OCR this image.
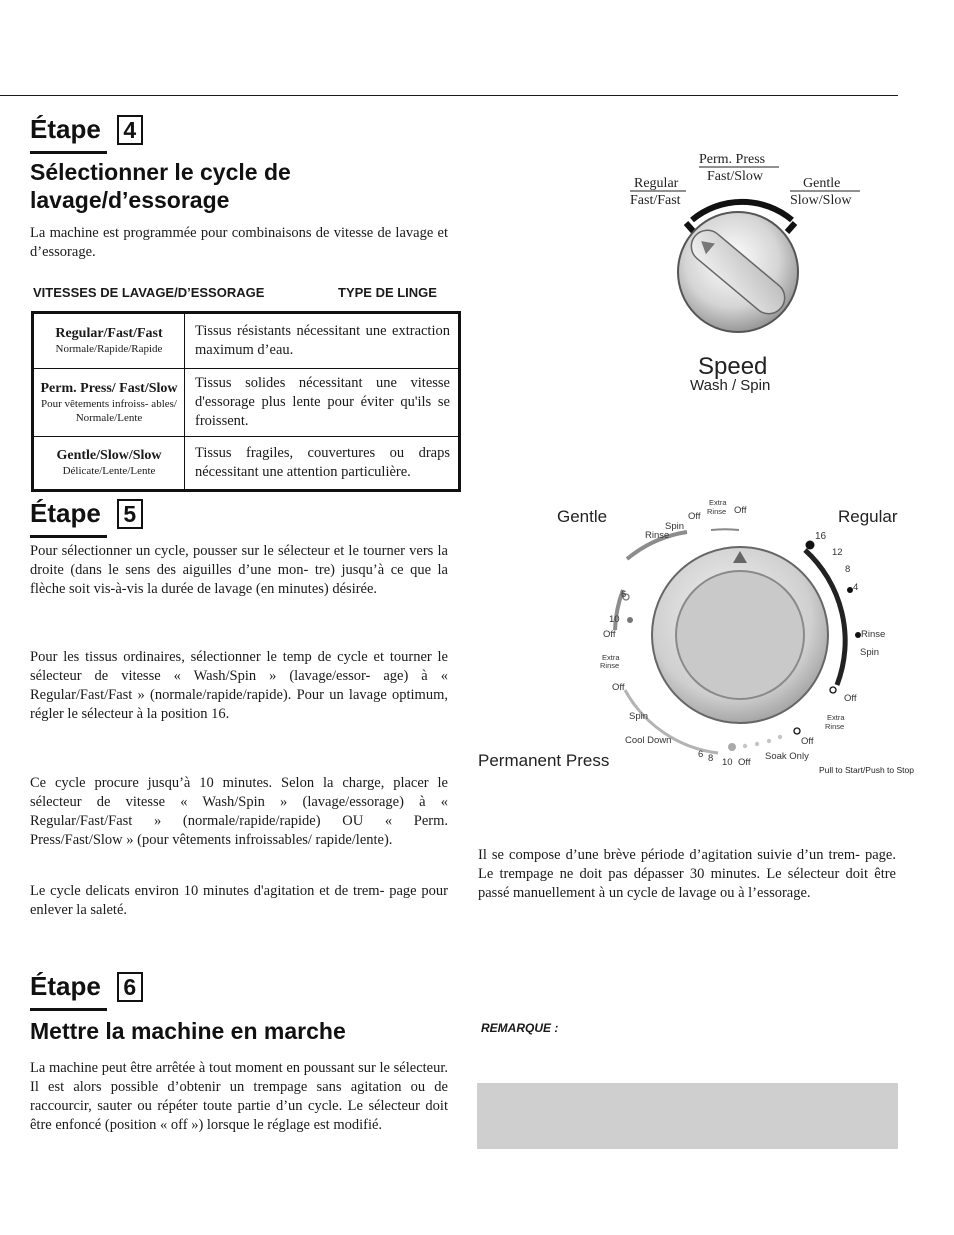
Étape 4
Sélectionner le cycle de lavage/d’essorage
La machine est programmée pour combinaisons de vitesse de lavage et d’essorage.
VITESSES DE LAVAGE/D’ESSORAGE	TYPE DE LINGE
Regular/Fast/Fast
Normale/Rapide/Rapide	Tissus résistants nécessitant une extraction maximum d’eau.

Perm. Press/ Fast/Slow
Pour vêtements infroiss- ables/ Normale/Lente	Tissus solides nécessitant une vitesse d'essorage plus lente pour éviter qu'ils se froissent.

Gentle/Slow/Slow
Délicate/Lente/Lente	Tissus fragiles, couvertures ou draps nécessitant une attention particulière.
Regular
Fast/Fast
Perm. Press
Fast/Slow	Gentle
Slow/Slow
Speed
Wash / Spin
Étape 5
Pour sélectionner un cycle, pousser sur le sélecteur et le tourner vers la droite (dans le sens des aiguilles d’une mon- tre) jusqu’à ce que la flèche soit vis-à-vis la durée de lavage (en minutes) désirée.
Pour les tissus ordinaires, sélectionner le temp de cycle et tourner le sélecteur de vitesse « Wash/Spin » (lavage/essor- age) à « Regular/Fast/Fast » (normale/rapide/rapide). Pour un lavage optimum, régler le sélecteur à la position 16.
Ce cycle procure jusqu’à 10 minutes. Selon la charge, placer le sélecteur de vitesse « Wash/Spin » (lavage/essorage) à « Regular/Fast/Fast » (normale/rapide/rapide) OU « Perm. Press/Fast/Slow » (pour vêtements infroissables/ rapide/lente).
Le cycle delicats environ 10 minutes d'agitation et de trem- page pour enlever la saleté.
Gentle	Regular
Permanent Press	Pull to Start/Push to Stop
Spin
Off
Rinse
Extra
Rinse Off
16
12
8
4
Rinse
Spin
Off
Extra
Rinse
Off
Soak Only
Off
10
8
6
Cool Down
Spin
Off
Extra
Rinse
Off
10
6
Il se compose d’une brève période d’agitation suivie d’un trem- page. Le trempage ne doit pas dépasser 30 minutes. Le sélecteur doit être passé manuellement à un cycle de lavage ou à l’essorage.
Étape 6
Mettre la machine en marche
La machine peut être arrêtée à tout moment en poussant sur le sélecteur. Il est alors possible d’obtenir un trempage sans agitation ou de raccourcir, sauter ou répéter toute partie d’un cycle. Le sélecteur doit être enfoncé (position « off ») lorsque le réglage est modifié.
REMARQUE :
